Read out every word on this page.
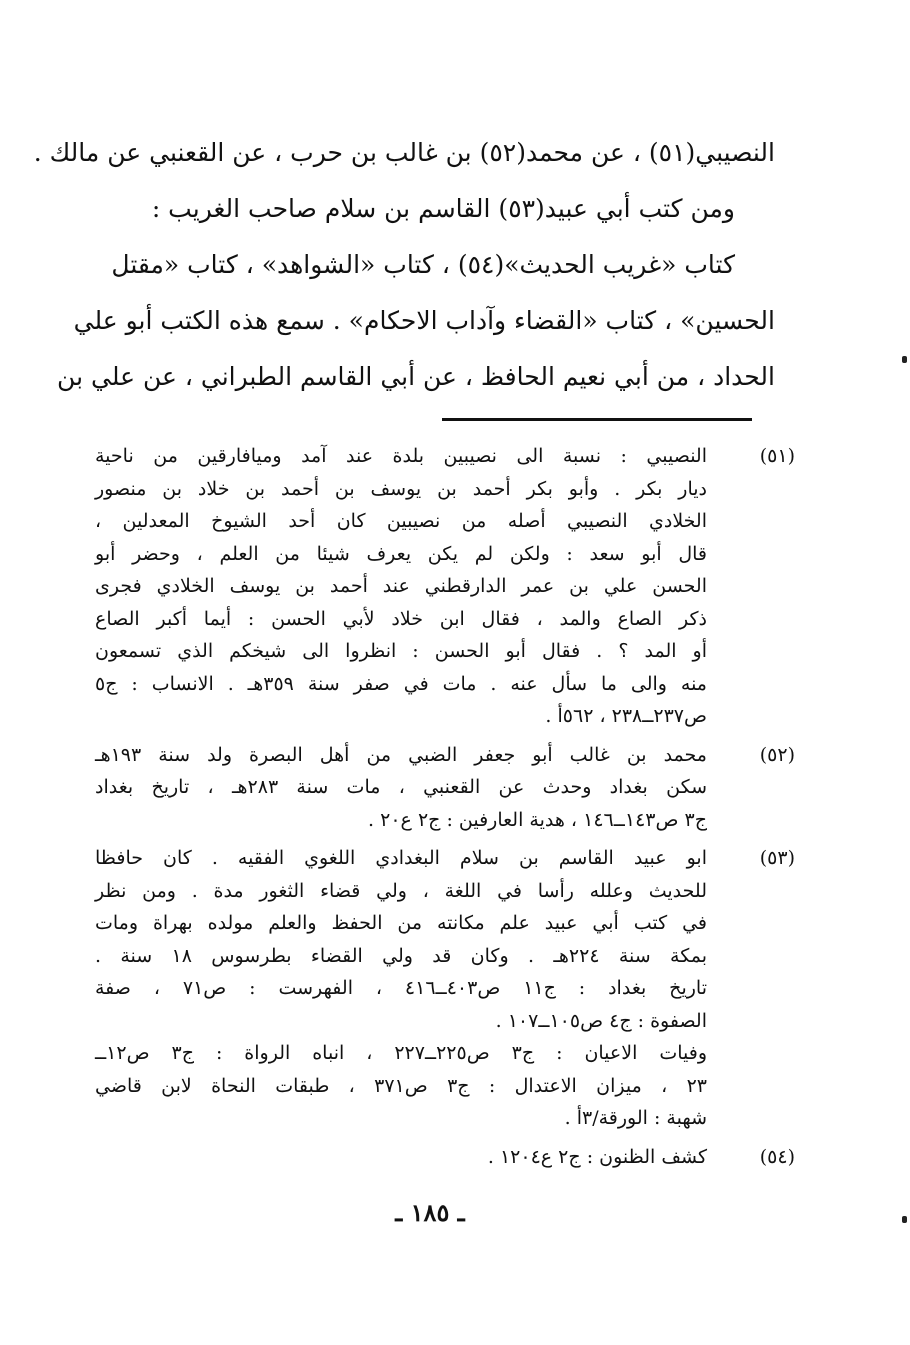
النصيبي(٥١) ، عن محمد(٥٢) بن غالب بن حرب ، عن القعنبي عن مالك .
ومن كتب أبي عبيد(٥٣) القاسم بن سلام صاحب الغريب :
كتاب «غريب الحديث»(٥٤) ، كتاب «الشواهد» ، كتاب «مقتل
الحسين» ، كتاب «القضاء وآداب الاحكام» . سمع هذه الكتب أبو علي
الحداد ، من أبي نعيم الحافظ ، عن أبي القاسم الطبراني ، عن علي بن
(٥١)النصيبي : نسبة الى نصيبين بلدة عند آمد وميافارقين من ناحية
ديار بكر . وأبو بكر أحمد بن يوسف بن أحمد بن خلاد بن منصور
الخلادي النصيبي أصله من نصيبين كان أحد الشيوخ المعدلين ،
قال أبو سعد : ولكن لم يكن يعرف شيئا من العلم ، وحضر أبو
الحسن علي بن عمر الدارقطني عند أحمد بن يوسف الخلادي فجرى
ذكر الصاع والمد ، فقال ابن خلاد لأبي الحسن : أيما أكبر الصاع
أو المد ؟ . فقال أبو الحسن : انظروا الى شيخكم الذي تسمعون
منه والى ما سأل عنه . مات في صفر سنة ٣٥٩هـ . الانساب : ج٥
ص٢٣٧ــ٢٣٨ ، ٥٦٢أ .
(٥٢)محمد بن غالب أبو جعفر الضبي من أهل البصرة ولد سنة ١٩٣هـ
سكن بغداد وحدث عن القعنبي ، مات سنة ٢٨٣هـ ، تاريخ بغداد
ج٣ ص١٤٣ــ١٤٦ ، هدية العارفين : ج٢ ع٢٠ .
(٥٣)ابو عبيد القاسم بن سلام البغدادي اللغوي الفقيه . كان حافظا
للحديث وعلله رأسا في اللغة ، ولي قضاء الثغور مدة . ومن نظر
في كتب أبي عبيد علم مكانته من الحفظ والعلم مولده بهراة ومات
بمكة سنة ٢٢٤هـ . وكان قد ولي القضاء بطرسوس ١٨ سنة .
تاريخ بغداد : ج١١ ص٤٠٣ــ٤١٦ ، الفهرست : ص٧١ ، صفة
الصفوة : ج٤ ص١٠٥ــ١٠٧ .
وفيات الاعيان : ج٣ ص٢٢٥ــ٢٢٧ ، انباه الرواة : ج٣ ص١٢ــ
٢٣ ، ميزان الاعتدال : ج٣ ص٣٧١ ، طبقات النحاة لابن قاضي
شهبة : الورقة/٣أ .
(٥٤)كشف الظنون : ج٢ ع١٢٠٤ .
ـ ١٨٥ ـ
